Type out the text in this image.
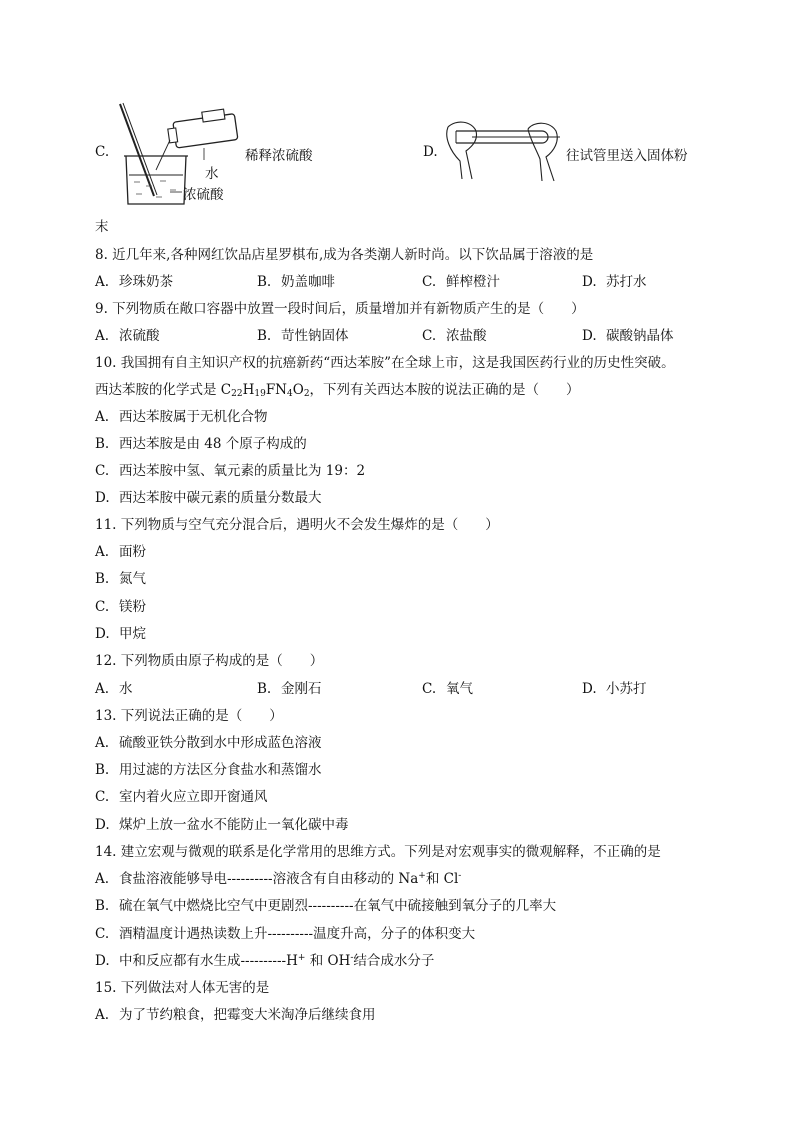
C.	稀释浓硫酸
水
浓硫酸
D.	往试管里送入固体粉
末
8. 近几年来,各种网红饮品店星罗棋布,成为各类潮人新时尚。以下饮品属于溶液的是
A. 珍珠奶茶	B. 奶盖咖啡	C. 鲜榨橙汁	D. 苏打水
9. 下列物质在敞口容器中放置一段时间后，质量增加并有新物质产生的是（　　）
A. 浓硫酸	B. 苛性钠固体	C. 浓盐酸	D. 碳酸钠晶体
10. 我国拥有自主知识产权的抗癌新药“西达苯胺”在全球上市，这是我国医药行业的历史性突破。
西达苯胺的化学式是 $C_{22}H_{19}FN_4O_2$，下列有关西达本胺的说法正确的是（　　）
A. 西达苯胺属于无机化合物
B. 西达苯胺是由 48 个原子构成的
C. 西达苯胺中氢、氧元素的质量比为 19：2
D. 西达苯胺中碳元素的质量分数最大
11. 下列物质与空气充分混合后，遇明火不会发生爆炸的是（　　）
A. 面粉
B. 氮气
C. 镁粉
D. 甲烷
12. 下列物质由原子构成的是（　　）
A. 水	B. 金刚石	C. 氧气	D. 小苏打
13. 下列说法正确的是（　　）
A. 硫酸亚铁分散到水中形成蓝色溶液
B. 用过滤的方法区分食盐水和蒸馏水
C. 室内着火应立即开窗通风
D. 煤炉上放一盆水不能防止一氧化碳中毒
14. 建立宏观与微观的联系是化学常用的思维方式。下列是对宏观事实的微观解释，不正确的是
A. 食盐溶液能够导电----------溶液含有自由移动的 Na+和 Cl-
B. 硫在氧气中燃烧比空气中更剧烈----------在氧气中硫接触到氧分子的几率大
C. 酒精温度计遇热读数上升----------温度升高，分子的体积变大
D. 中和反应都有水生成----------H+ 和 OH-结合成水分子
15. 下列做法对人体无害的是
A. 为了节约粮食，把霉变大米淘净后继续食用
